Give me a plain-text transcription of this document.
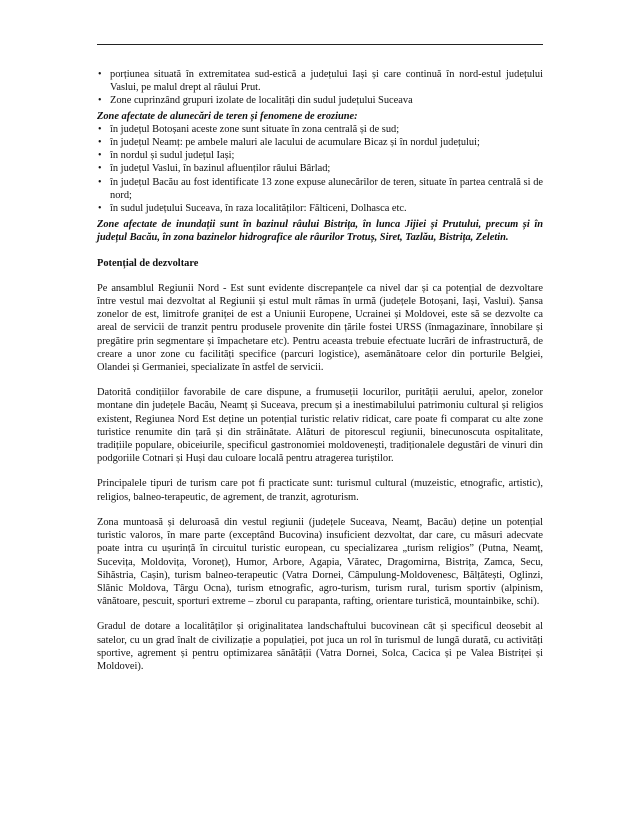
• porțiunea situată în extremitatea sud-estică a județului Iași și care continuă în nord-estul județului Vaslui, pe malul drept al râului Prut.
• Zone cuprinzând grupuri izolate de localități din sudul județului Suceava
Zone afectate de alunecări de teren și fenomene de eroziune:
• în județul Botoșani aceste zone sunt situate în zona centrală și de sud;
• în județul Neamț: pe ambele maluri ale lacului de acumulare Bicaz și în nordul județului;
• în nordul și sudul județul Iași;
• în județul Vaslui, în bazinul afluenților râului Bârlad;
• în județul Bacău au fost identificate 13 zone expuse alunecărilor de teren, situate în partea centrală si de nord;
• în sudul județului Suceava, în raza localităților: Fălticeni, Dolhasca etc.
Zone afectate de inundații sunt în bazinul râului Bistrița, în lunca Jijiei și Prutului, precum și în județul Bacău, în zona bazinelor hidrografice ale râurilor Trotuș, Siret, Tazlău, Bistrița, Zeletin.
Potențial de dezvoltare

Pe ansamblul Regiunii Nord - Est sunt evidente discrepanțele ca nivel dar și ca potențial de dezvoltare între vestul mai dezvoltat al Regiunii și estul mult rămas în urmă (județele Botoșani, Iași, Vaslui). Șansa zonelor de est, limitrofe graniței de est a Uniunii Europene, Ucrainei și Moldovei, este să se dezvolte ca areal de servicii de tranzit pentru produsele provenite din țările fostei URSS (înmagazinare, înnobilare și pregătire prin segmentare și împachetare etc). Pentru aceasta trebuie efectuate lucrări de infrastructură, de creare a unor zone cu facilități specifice (parcuri logistice), asemănătoare celor din porturile Belgiei, Olandei și Germaniei, specializate în astfel de servicii.

Datorită condițiilor favorabile de care dispune, a frumuseții locurilor, purității aerului, apelor, zonelor montane din județele Bacău, Neamț și Suceava, precum și a inestimabilului patrimoniu cultural și religios existent, Regiunea Nord Est deține un potențial turistic relativ ridicat, care poate fi comparat cu alte zone turistice renumite din țară și din străinătate. Alături de pitorescul regiunii, binecunoscuta ospitalitate, tradițiile populare, obiceiurile, specificul gastronomiei moldovenești, tradiționalele degustări de vinuri din podgoriile Cotnari și Huși dau culoare locală pentru atragerea turiștilor.

Principalele tipuri de turism care pot fi practicate sunt: turismul cultural (muzeistic, etnografic, artistic), religios, balneo-terapeutic, de agrement, de tranzit, agroturism.

Zona muntoasă și deluroasă din vestul regiunii (județele Suceava, Neamț, Bacău) deține un potențial turistic valoros, în mare parte (exceptând Bucovina) insuficient dezvoltat, dar care, cu măsuri adecvate poate intra cu ușurință în circuitul turistic european, cu specializarea „turism religios” (Putna, Neamț, Sucevița, Moldovița, Voroneț), Humor, Arbore, Agapia, Văratec, Dragomirna, Bistrița, Zamca, Secu, Sihăstria, Cașin), turism balneo-terapeutic (Vatra Dornei, Câmpulung-Moldovenesc, Bălțătești, Oglinzi, Slănic Moldova, Târgu Ocna), turism etnografic, agro-turism, turism rural, turism sportiv (alpinism, vânătoare, pescuit, sporturi extreme – zborul cu parapanta, rafting, orientare turistică, mountainbike, schi).

Gradul de dotare a localităților și originalitatea landschaftului bucovinean cât și specificul deosebit al satelor, cu un grad înalt de civilizație a populației, pot juca un rol în turismul de lungă durată, cu activități sportive, agrement și pentru optimizarea sănătății (Vatra Dornei, Solca, Cacica și pe Valea Bistriței și Moldovei).
